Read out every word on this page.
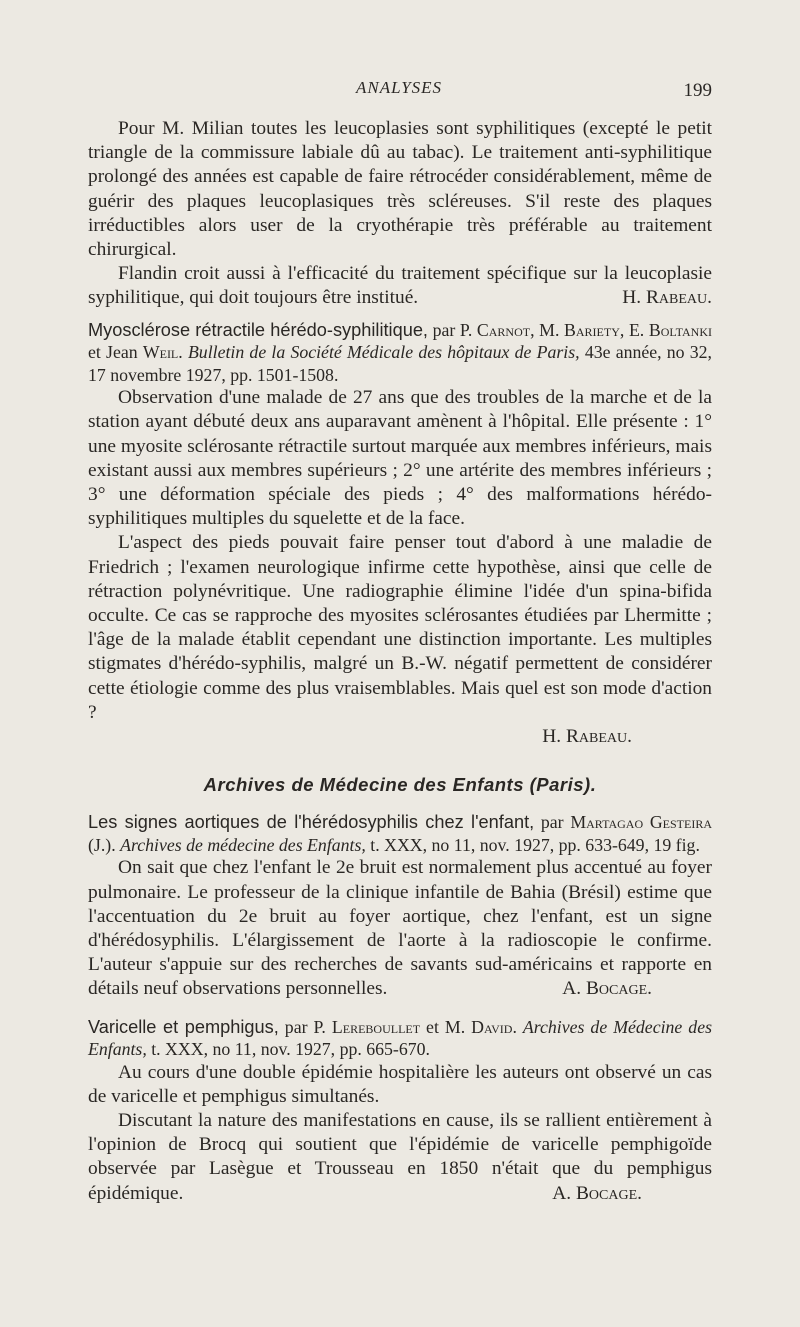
ANALYSES	199

Pour M. Milian toutes les leucoplasies sont syphilitiques (excepté le petit triangle de la commissure labiale dû au tabac). Le traitement anti-syphilitique prolongé des années est capable de faire rétrocéder considérablement, même de guérir des plaques leucoplasiques très scléreuses. S'il reste des plaques irréductibles alors user de la cryothérapie très préférable au traitement chirurgical.

Flandin croit aussi à l'efficacité du traitement spécifique sur la leucoplasie syphilitique, qui doit toujours être institué.	H. Rabeau.

Myosclérose rétractile hérédo-syphilitique, par P. Carnot, M. Bariety, E. Boltanki et Jean Weil. Bulletin de la Société Médicale des hôpitaux de Paris, 43e année, no 32, 17 novembre 1927, pp. 1501-1508.

Observation d'une malade de 27 ans que des troubles de la marche et de la station ayant débuté deux ans auparavant amènent à l'hôpital. Elle présente : 1° une myosite sclérosante rétractile surtout marquée aux membres inférieurs, mais existant aussi aux membres supérieurs ; 2° une artérite des membres inférieurs ; 3° une déformation spéciale des pieds ; 4° des malformations hérédo-syphilitiques multiples du squelette et de la face.

L'aspect des pieds pouvait faire penser tout d'abord à une maladie de Friedrich ; l'examen neurologique infirme cette hypothèse, ainsi que celle de rétraction polynévritique. Une radiographie élimine l'idée d'un spina-bifida occulte. Ce cas se rapproche des myosites sclérosantes étudiées par Lhermitte ; l'âge de la malade établit cependant une distinction importante. Les multiples stigmates d'hérédo-syphilis, malgré un B.-W. négatif permettent de considérer cette étiologie comme des plus vraisemblables. Mais quel est son mode d'action ?

H. Rabeau.

Archives de Médecine des Enfants (Paris).
Les signes aortiques de l'hérédosyphilis chez l'enfant, par Martagao Gesteira (J.). Archives de médecine des Enfants, t. XXX, no 11, nov. 1927, pp. 633-649, 19 fig.

On sait que chez l'enfant le 2e bruit est normalement plus accentué au foyer pulmonaire. Le professeur de la clinique infantile de Bahia (Brésil) estime que l'accentuation du 2e bruit au foyer aortique, chez l'enfant, est un signe d'hérédosyphilis. L'élargissement de l'aorte à la radioscopie le confirme. L'auteur s'appuie sur des recherches de savants sud-américains et rapporte en détails neuf observations personnelles.	A. Bocage.

Varicelle et pemphigus, par P. Lereboullet et M. David. Archives de Médecine des Enfants, t. XXX, no 11, nov. 1927, pp. 665-670.

Au cours d'une double épidémie hospitalière les auteurs ont observé un cas de varicelle et pemphigus simultanés.

Discutant la nature des manifestations en cause, ils se rallient entièrement à l'opinion de Brocq qui soutient que l'épidémie de varicelle pemphigoïde observée par Lasègue et Trousseau en 1850 n'était que du pemphigus épidémique.	A. Bocage.
